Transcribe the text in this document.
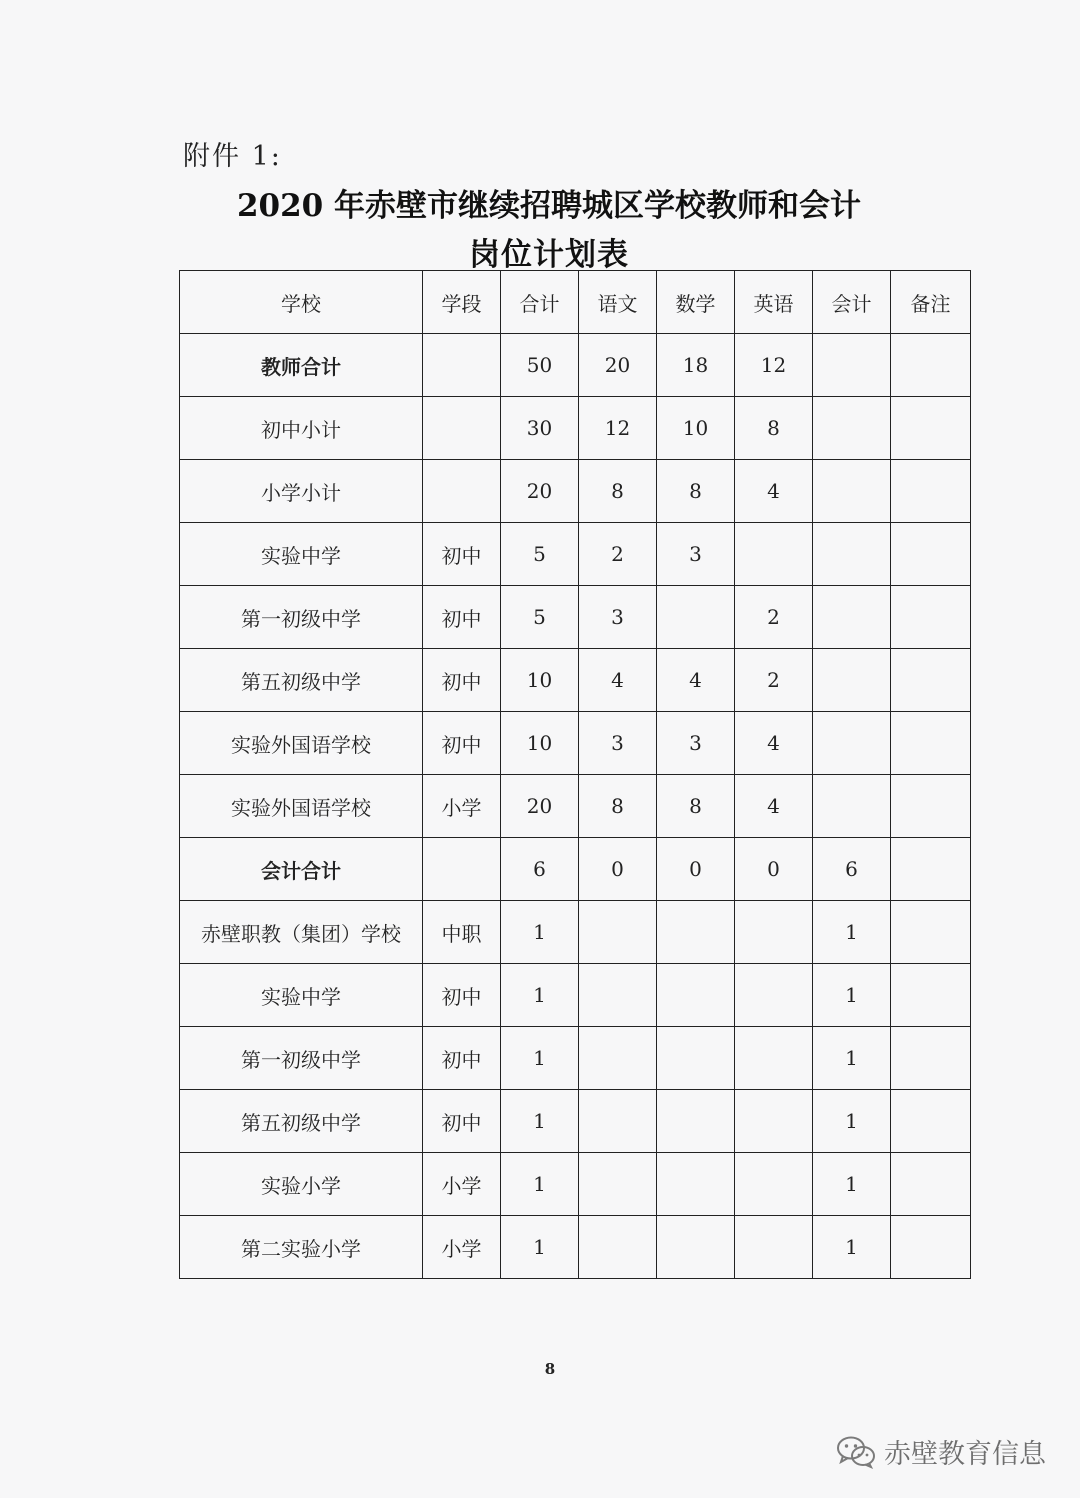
附件 1:
2020 年赤壁市继续招聘城区学校教师和会计
岗位计划表
学校	学段	合计	语文	数学	英语	会计	备注
教师合计		50	20	18	12		
初中小计		30	12	10	8		
小学小计		20	8	8	4		
实验中学	初中	5	2	3			
第一初级中学	初中	5	3		2		
第五初级中学	初中	10	4	4	2		
实验外国语学校	初中	10	3	3	4		
实验外国语学校	小学	20	8	8	4		
会计合计		6	0	0	0	6	
赤壁职教（集团）学校	中职	1				1	
实验中学	初中	1				1	
第一初级中学	初中	1				1	
第五初级中学	初中	1				1	
实验小学	小学	1				1	
第二实验小学	小学	1				1	
8
赤壁教育信息
